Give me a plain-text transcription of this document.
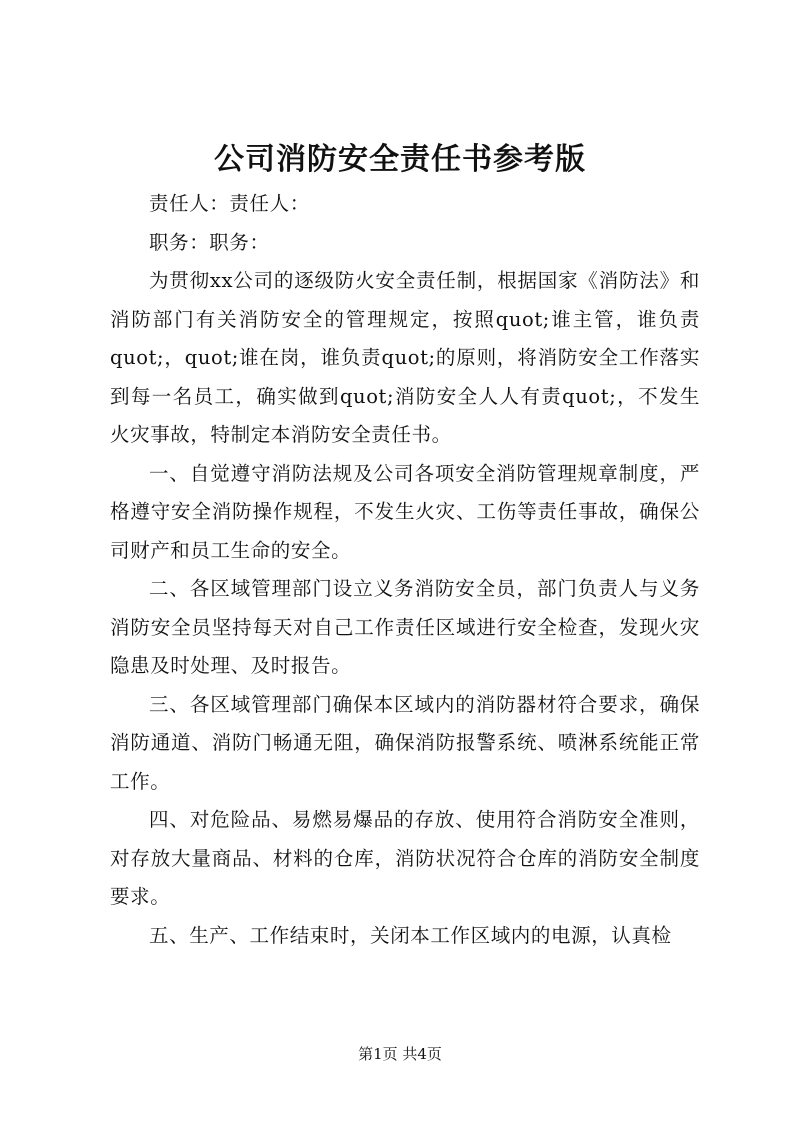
公司消防安全责任书参考版

责任人：责任人：

职务：职务：

为贯彻xx公司的逐级防火安全责任制，根据国家《消防法》和消防部门有关消防安全的管理规定，按照quot;谁主管，谁负责quot;，quot;谁在岗，谁负责quot;的原则，将消防安全工作落实到每一名员工，确实做到quot;消防安全人人有责quot;，不发生火灾事故，特制定本消防安全责任书。

一、自觉遵守消防法规及公司各项安全消防管理规章制度，严格遵守安全消防操作规程，不发生火灾、工伤等责任事故，确保公司财产和员工生命的安全。

二、各区域管理部门设立义务消防安全员，部门负责人与义务消防安全员坚持每天对自己工作责任区域进行安全检查，发现火灾隐患及时处理、及时报告。

三、各区域管理部门确保本区域内的消防器材符合要求，确保消防通道、消防门畅通无阻，确保消防报警系统、喷淋系统能正常工作。

四、对危险品、易燃易爆品的存放、使用符合消防安全准则，对存放大量商品、材料的仓库，消防状况符合仓库的消防安全制度要求。

五、生产、工作结束时，关闭本工作区域内的电源，认真检

第1页 共4页
